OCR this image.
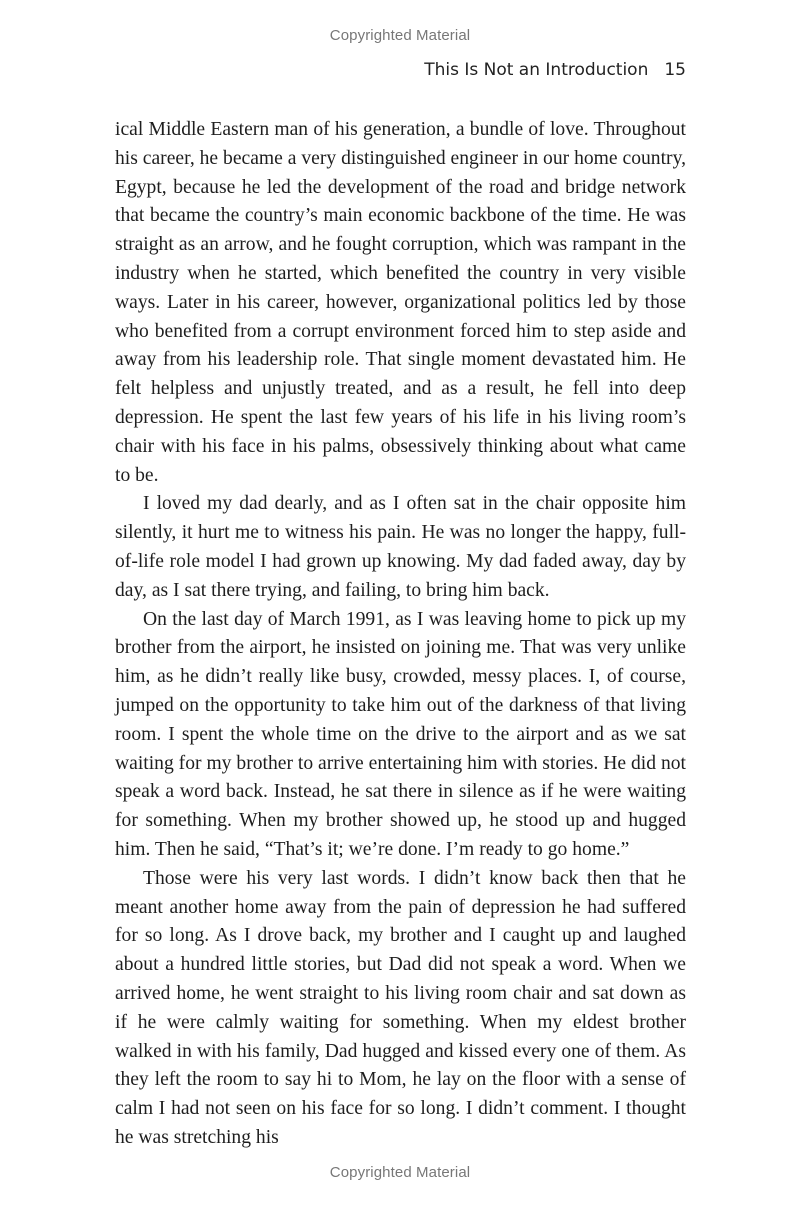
Copyrighted Material
This Is Not an Introduction 15

ical Middle Eastern man of his generation, a bundle of love. Throughout his career, he became a very distinguished engineer in our home country, Egypt, because he led the development of the road and bridge network that became the country’s main economic backbone of the time. He was straight as an arrow, and he fought corruption, which was rampant in the industry when he started, which benefited the country in very visible ways. Later in his career, however, organizational politics led by those who benefited from a corrupt environment forced him to step aside and away from his leadership role. That single moment devastated him. He felt helpless and unjustly treated, and as a result, he fell into deep depression. He spent the last few years of his life in his living room’s chair with his face in his palms, obsessively thinking about what came to be.

I loved my dad dearly, and as I often sat in the chair opposite him silently, it hurt me to witness his pain. He was no longer the happy, full-of-life role model I had grown up knowing. My dad faded away, day by day, as I sat there trying, and failing, to bring him back.

On the last day of March 1991, as I was leaving home to pick up my brother from the airport, he insisted on joining me. That was very unlike him, as he didn’t really like busy, crowded, messy places. I, of course, jumped on the opportunity to take him out of the darkness of that living room. I spent the whole time on the drive to the airport and as we sat waiting for my brother to arrive entertaining him with stories. He did not speak a word back. Instead, he sat there in silence as if he were waiting for something. When my brother showed up, he stood up and hugged him. Then he said, “That’s it; we’re done. I’m ready to go home.”

Those were his very last words. I didn’t know back then that he meant another home away from the pain of depression he had suffered for so long. As I drove back, my brother and I caught up and laughed about a hundred little stories, but Dad did not speak a word. When we arrived home, he went straight to his living room chair and sat down as if he were calmly waiting for something. When my eldest brother walked in with his family, Dad hugged and kissed every one of them. As they left the room to say hi to Mom, he lay on the floor with a sense of calm I had not seen on his face for so long. I didn’t comment. I thought he was stretching his

Copyrighted Material
